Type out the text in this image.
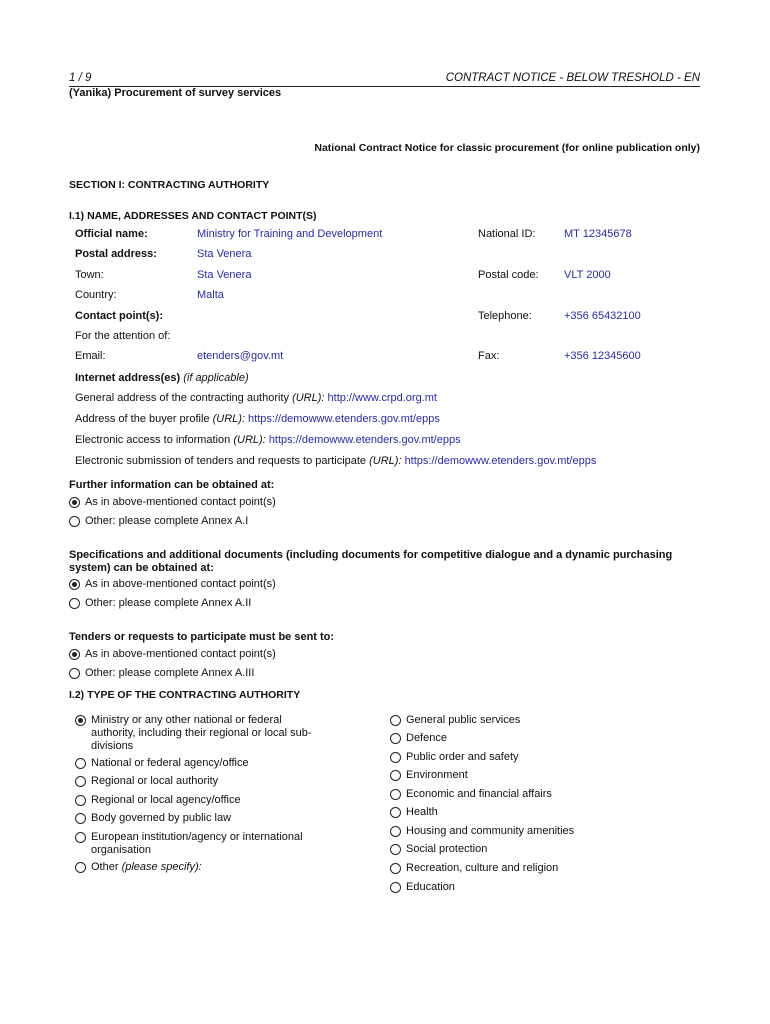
1 / 9	CONTRACT NOTICE - BELOW TRESHOLD - EN
(Yanika) Procurement of survey services
National Contract Notice for classic procurement (for online publication only)
SECTION I: CONTRACTING AUTHORITY
I.1) NAME, ADDRESSES AND CONTACT POINT(S)
Official name:	Ministry for Training and Development	National ID:	MT 12345678
Postal address:	Sta Venera
Town:	Sta Venera	Postal code: VLT 2000
Country:	Malta
Contact point(s):	Telephone:	+356 65432100
For the attention of:
Email:	etenders@gov.mt	Fax:	+356 12345600
Internet address(es) (if applicable)
General address of the contracting authority (URL): http://www.crpd.org.mt
Address of the buyer profile (URL): https://demowww.etenders.gov.mt/epps
Electronic access to information (URL): https://demowww.etenders.gov.mt/epps
Electronic submission of tenders and requests to participate (URL): https://demowww.etenders.gov.mt/epps
Further information can be obtained at:
As in above-mentioned contact point(s)
Other: please complete Annex A.I
Specifications and additional documents (including documents for competitive dialogue and a dynamic purchasing system) can be obtained at:
As in above-mentioned contact point(s)
Other: please complete Annex A.II
Tenders or requests to participate must be sent to:
As in above-mentioned contact point(s)
Other: please complete Annex A.III
I.2) TYPE OF THE CONTRACTING AUTHORITY
Ministry or any other national or federal authority, including their regional or local sub-divisions
National or federal agency/office
Regional or local authority
Regional or local agency/office
Body governed by public law
European institution/agency or international organisation
Other
(please specify):
General public services
Defence
Public order and safety
Environment
Economic and financial affairs
Health
Housing and community amenities
Social protection
Recreation, culture and religion
Education
